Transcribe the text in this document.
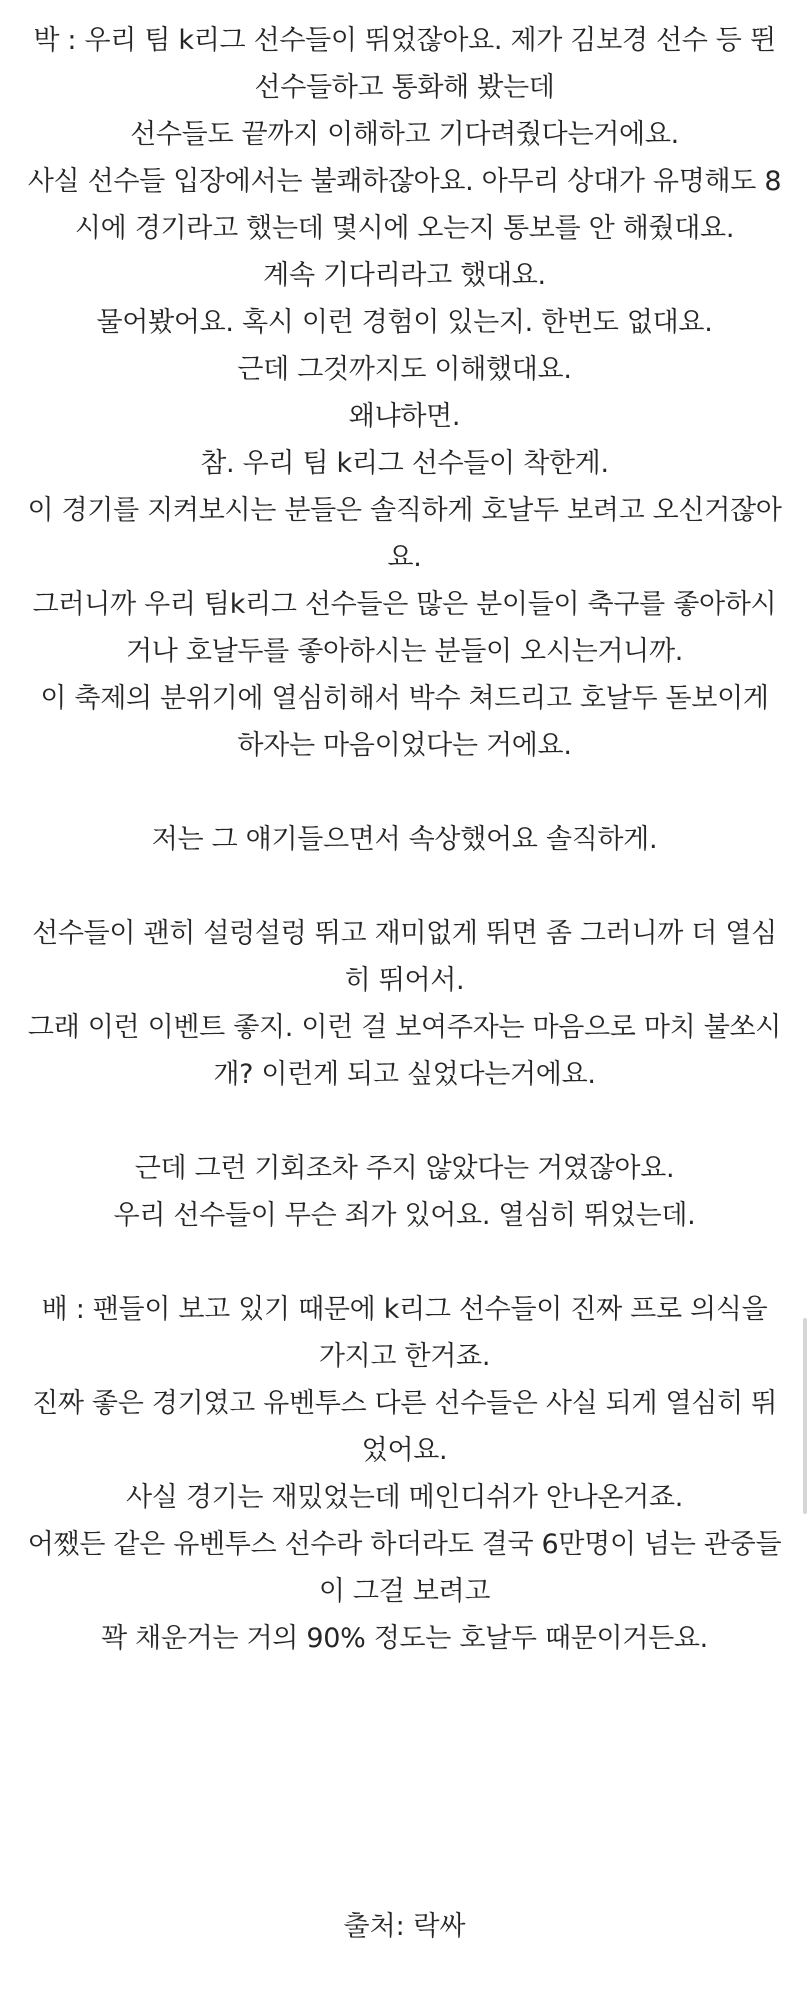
박 : 우리 팀 k리그 선수들이 뛰었잖아요. 제가 김보경 선수 등 뛴 선수들하고 통화해 봤는데

선수들도 끝까지 이해하고 기다려줬다는거에요.

사실 선수들 입장에서는 불쾌하잖아요. 아무리 상대가 유명해도 8시에 경기라고 했는데 몇시에 오는지 통보를 안 해줬대요.

계속 기다리라고 했대요.

물어봤어요. 혹시 이런 경험이 있는지. 한번도 없대요.

근데 그것까지도 이해했대요.

왜냐하면.

참. 우리 팀 k리그 선수들이 착한게.

이 경기를 지켜보시는 분들은 솔직하게 호날두 보려고 오신거잖아요.

그러니까 우리 팀k리그 선수들은 많은 분이들이 축구를 좋아하시거나 호날두를 좋아하시는 분들이 오시는거니까.

이 축제의 분위기에 열심히해서 박수 쳐드리고 호날두 돋보이게 하자는 마음이었다는 거에요.

저는 그 얘기들으면서 속상했어요 솔직하게.

선수들이 괜히 설렁설렁 뛰고 재미없게 뛰면 좀 그러니까 더 열심히 뛰어서.

그래 이런 이벤트 좋지. 이런 걸 보여주자는 마음으로 마치 불쏘시개? 이런게 되고 싶었다는거에요.

근데 그런 기회조차 주지 않았다는 거였잖아요.

우리 선수들이 무슨 죄가 있어요. 열심히 뛰었는데.

배 : 팬들이 보고 있기 때문에 k리그 선수들이 진짜 프로 의식을 가지고 한거죠.

진짜 좋은 경기였고 유벤투스 다른 선수들은 사실 되게 열심히 뛰었어요.

사실 경기는 재밌었는데 메인디쉬가 안나온거죠.

어쨌든 같은 유벤투스 선수라 하더라도 결국 6만명이 넘는 관중들이 그걸 보려고

꽉 채운거는 거의 90% 정도는 호날두 때문이거든요.

출처: 락싸
